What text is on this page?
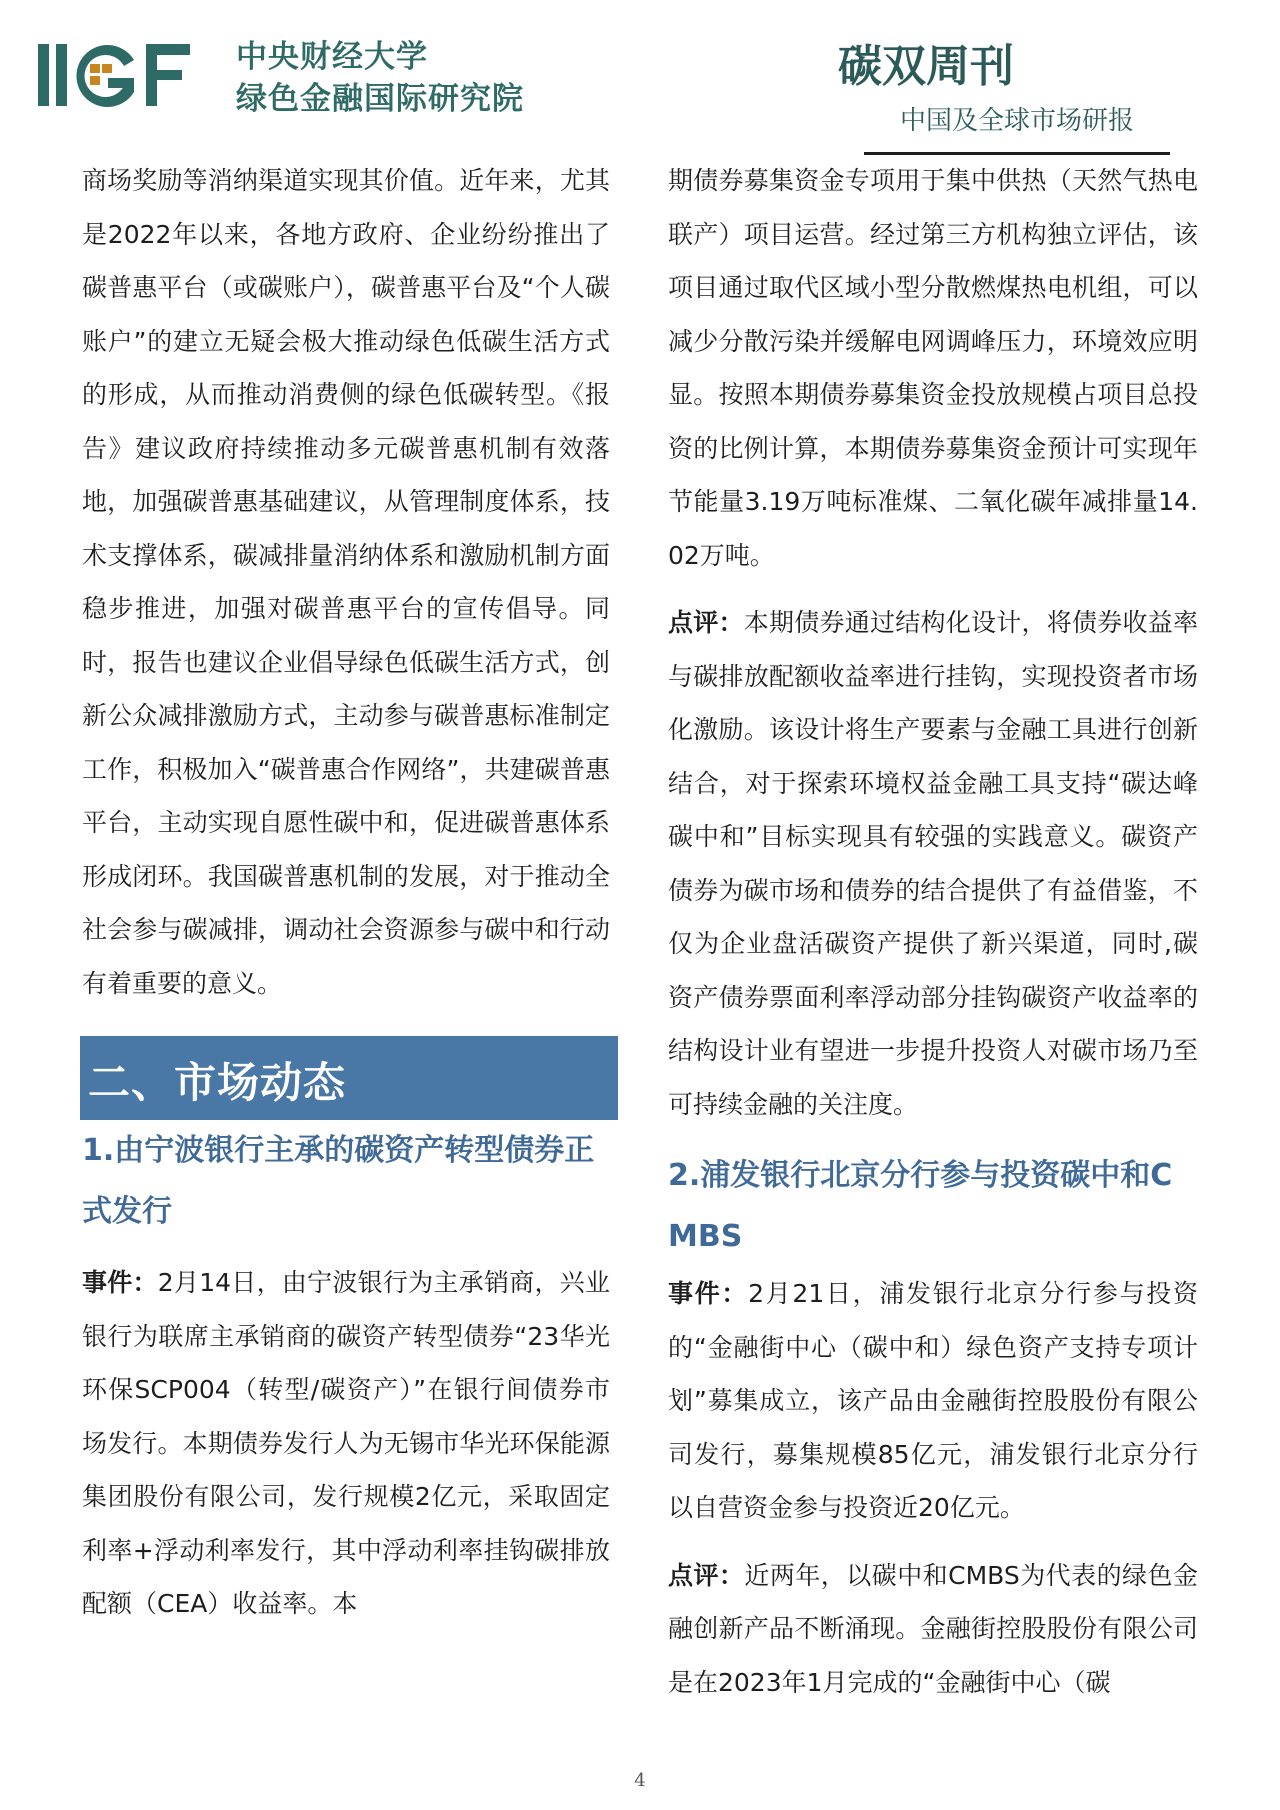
中央财经大学
绿色金融国际研究院
碳双周刊
中国及全球市场研报

商场奖励等消纳渠道实现其价值。近年来，尤其是2022年以来，各地方政府、企业纷纷推出了碳普惠平台（或碳账户），碳普惠平台及“个人碳账户”的建立无疑会极大推动绿色低碳生活方式的形成，从而推动消费侧的绿色低碳转型。《报告》建议政府持续推动多元碳普惠机制有效落地，加强碳普惠基础建议，从管理制度体系，技术支撑体系，碳减排量消纳体系和激励机制方面稳步推进，加强对碳普惠平台的宣传倡导。同时，报告也建议企业倡导绿色低碳生活方式，创新公众减排激励方式，主动参与碳普惠标准制定工作，积极加入“碳普惠合作网络”，共建碳普惠平台，主动实现自愿性碳中和，促进碳普惠体系形成闭环。我国碳普惠机制的发展，对于推动全社会参与碳减排，调动社会资源参与碳中和行动有着重要的意义。

二、市场动态

1.由宁波银行主承的碳资产转型债券正式发行

事件：2月14日，由宁波银行为主承销商，兴业银行为联席主承销商的碳资产转型债券“23华光环保SCP004（转型/碳资产）”在银行间债券市场发行。本期债券发行人为无锡市华光环保能源集团股份有限公司，发行规模2亿元，采取固定利率+浮动利率发行，其中浮动利率挂钩碳排放配额（CEA）收益率。本

期债券募集资金专项用于集中供热（天然气热电联产）项目运营。经过第三方机构独立评估，该项目通过取代区域小型分散燃煤热电机组，可以减少分散污染并缓解电网调峰压力，环境效应明显。按照本期债券募集资金投放规模占项目总投资的比例计算，本期债券募集资金预计可实现年节能量3.19万吨标准煤、二氧化碳年减排量14.02万吨。

点评：本期债券通过结构化设计，将债券收益率与碳排放配额收益率进行挂钩，实现投资者市场化激励。该设计将生产要素与金融工具进行创新结合，对于探索环境权益金融工具支持“碳达峰碳中和”目标实现具有较强的实践意义。碳资产债券为碳市场和债券的结合提供了有益借鉴，不仅为企业盘活碳资产提供了新兴渠道，同时,碳资产债券票面利率浮动部分挂钩碳资产收益率的结构设计业有望进一步提升投资人对碳市场乃至可持续金融的关注度。

2.浦发银行北京分行参与投资碳中和CMBS

事件：2月21日，浦发银行北京分行参与投资的“金融街中心（碳中和）绿色资产支持专项计划”募集成立，该产品由金融街控股股份有限公司发行，募集规模85亿元，浦发银行北京分行以自营资金参与投资近20亿元。

点评：近两年，以碳中和CMBS为代表的绿色金融创新产品不断涌现。金融街控股股份有限公司是在2023年1月完成的“金融街中心（碳

4
